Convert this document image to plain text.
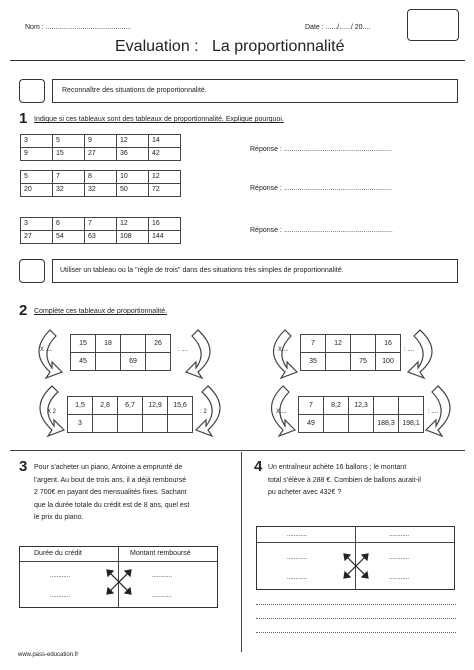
Nom : ............................................	Date : ....../....../ 20....
Evaluation : La proportionnalité
Reconnaître des situations de proportionnalité.
1 Indique si ces tableaux sont des tableaux de proportionnalité. Explique pourquoi.
3	5	9	12	14
9	15	27	36	42
Réponse : ........................................................
5	7	8	10	12
20	32	32	50	72	Réponse : ........................................................
3	6	7	12	16
27	54	63	108	144
Réponse : ........................................................
Utiliser un tableau ou la "règle de trois" dans des situations très simples de proportionnalité.
2 Complète ces tableaux de proportionnalité.
15	18		26
45		69	
X ....	: ....
1,5	2,8	6,7	12,9	15,6
3				
X 2	: 2
7	12		16
35		75	100
X....	: ....
7	8,2	12,3		
49			188,3	198,1
X....	: ....
3 Pour s’acheter un piano, Antoine a emprunté de
l’argent. Au bout de trois ans, il a déjà remboursé
2 700€ en payant des mensualités fixes. Sachant
que la durée totale du crédit est de 8 ans, quel est
le prix du piano.
Durée du crédit	Montant remboursé
............	............
............	............
4 Un entraîneur achète 16 ballons ; le montant
total s’élève à 288 €. Combien de ballons aurait-il
pu acheter avec 432€ ?
............	............
............	............
............	............
www.pass-education.fr
